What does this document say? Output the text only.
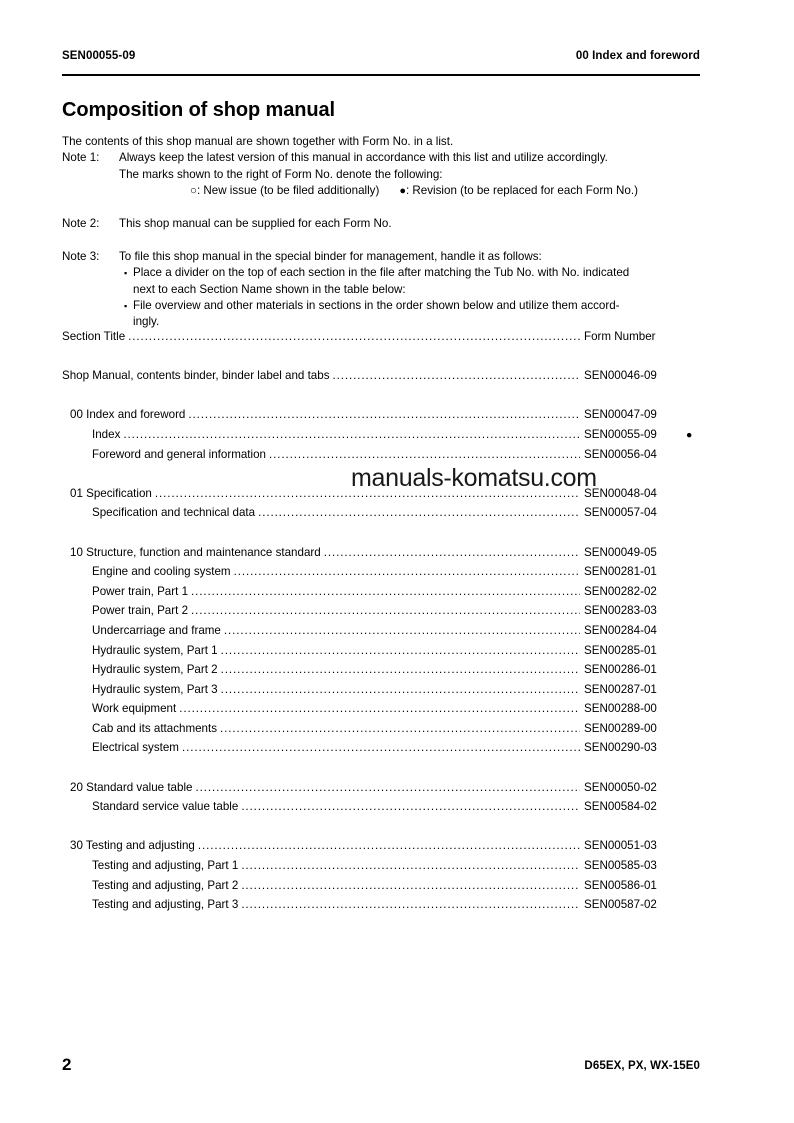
SEN00055-09	00 Index and foreword
Composition of shop manual
The contents of this shop manual are shown together with Form No. in a list.
Note 1:	Always keep the latest version of this manual in accordance with this list and utilize accordingly.
The marks shown to the right of Form No. denote the following:
○: New issue (to be filed additionally) ●: Revision (to be replaced for each Form No.)
Note 2:	This shop manual can be supplied for each Form No.
Note 3:	To file this shop manual in the special binder for management, handle it as follows:
▪ Place a divider on the top of each section in the file after matching the Tub No. with No. indicated
next to each Section Name shown in the table below:
▪ File overview and other materials in sections in the order shown below and utilize them accord-
ingly.
Section Title .....	Form Number
Shop Manual, contents binder, binder label and tabs .....	SEN00046-09
00 Index and foreword .....	SEN00047-09
Index .....	SEN00055-09	●
Foreword and general information .....	SEN00056-04
01 Specification .....	SEN00048-04
Specification and technical data .....	SEN00057-04
10 Structure, function and maintenance standard .....	SEN00049-05
Engine and cooling system .....	SEN00281-01
Power train, Part 1 .....	SEN00282-02
Power train, Part 2 .....	SEN00283-03
Undercarriage and frame .....	SEN00284-04
Hydraulic system, Part 1 .....	SEN00285-01
Hydraulic system, Part 2 .....	SEN00286-01
Hydraulic system, Part 3 .....	SEN00287-01
Work equipment .....	SEN00288-00
Cab and its attachments .....	SEN00289-00
Electrical system .....	SEN00290-03
20 Standard value table .....	SEN00050-02
Standard service value table .....	SEN00584-02
30 Testing and adjusting .....	SEN00051-03
Testing and adjusting, Part 1 .....	SEN00585-03
Testing and adjusting, Part 2 .....	SEN00586-01
Testing and adjusting, Part 3 .....	SEN00587-02
manuals-komatsu.com
2	D65EX, PX, WX-15E0
